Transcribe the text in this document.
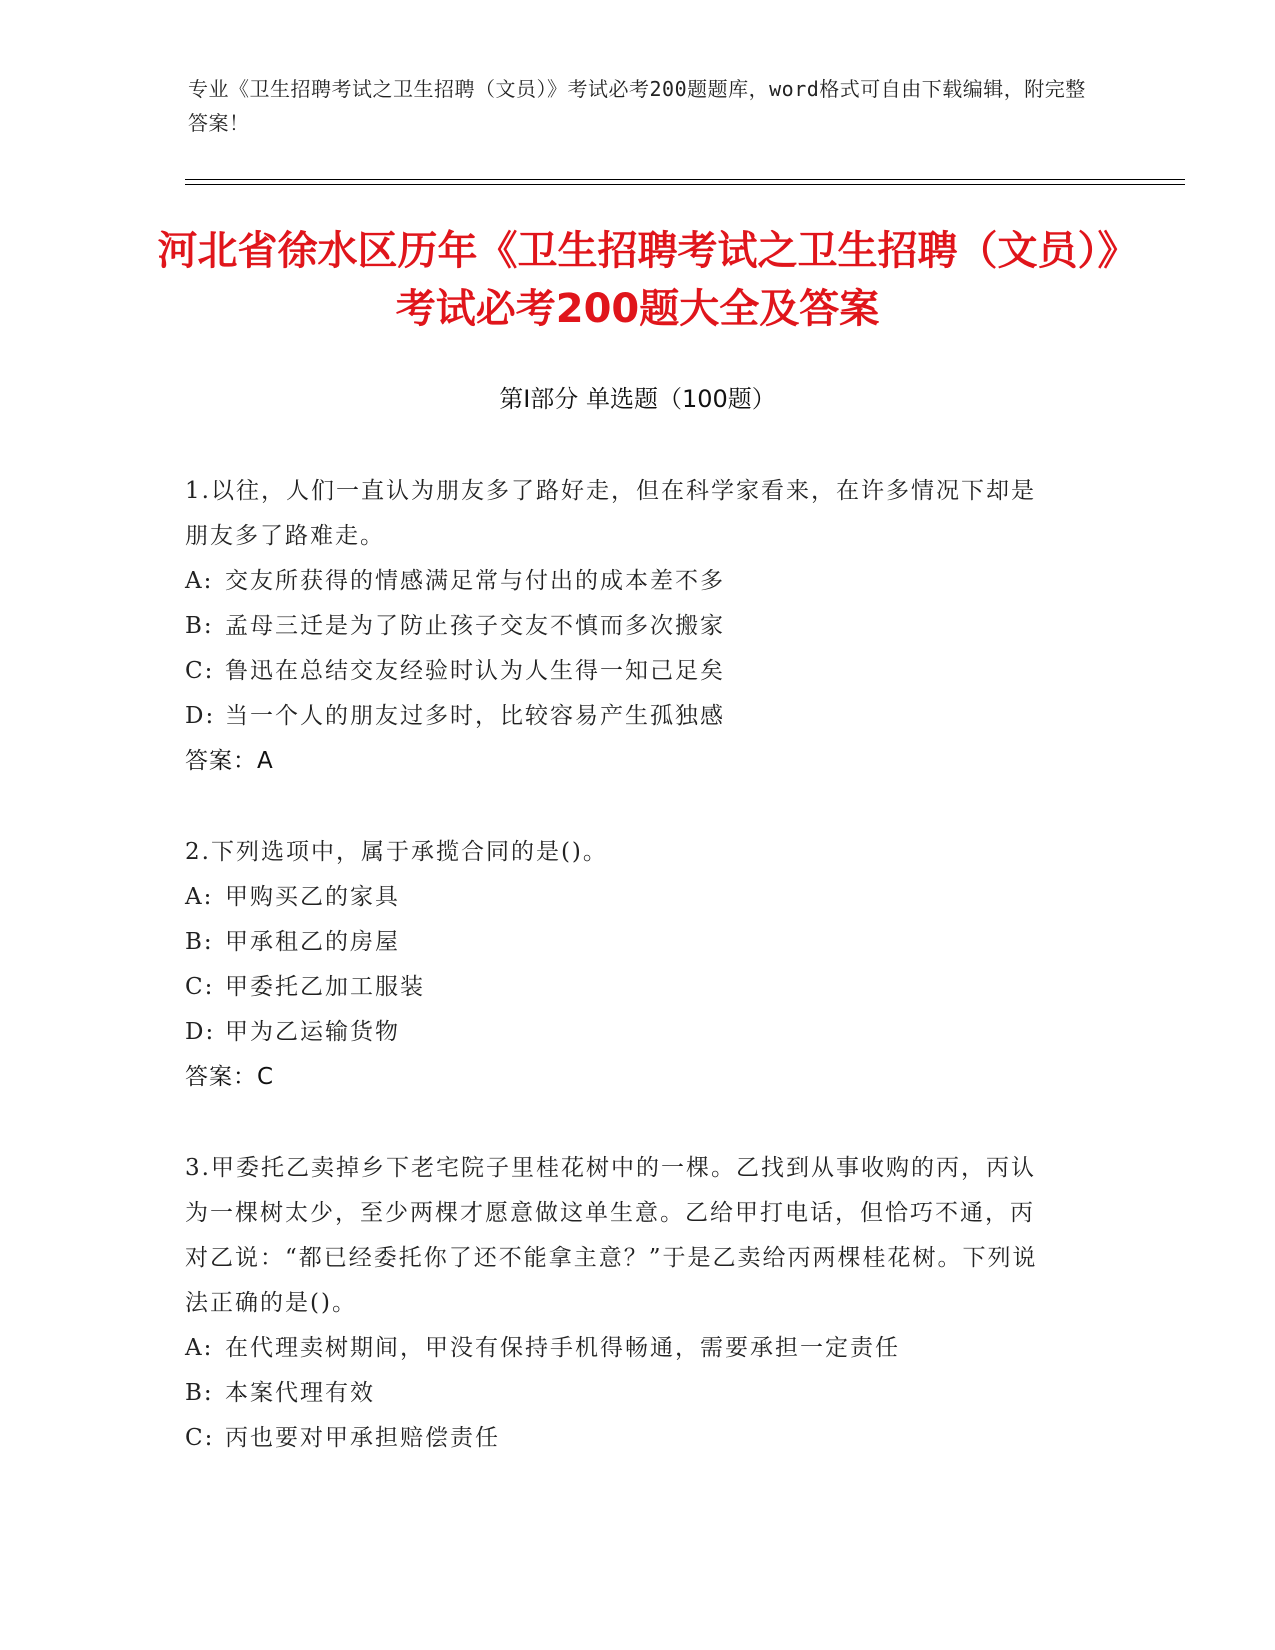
专业《卫生招聘考试之卫生招聘（文员）》考试必考200题题库，word格式可自由下载编辑，附完整答案！
河北省徐水区历年《卫生招聘考试之卫生招聘（文员）》考试必考200题大全及答案
第Ⅰ部分 单选题（100题）

1.以往，人们一直认为朋友多了路好走，但在科学家看来，在许多情况下却是朋友多了路难走。

A: 交友所获得的情感满足常与付出的成本差不多

B: 孟母三迁是为了防止孩子交友不慎而多次搬家

C: 鲁迅在总结交友经验时认为人生得一知己足矣

D: 当一个人的朋友过多时，比较容易产生孤独感

答案：A

2.下列选项中，属于承揽合同的是()。

A: 甲购买乙的家具

B: 甲承租乙的房屋

C: 甲委托乙加工服装

D: 甲为乙运输货物

答案：C

3.甲委托乙卖掉乡下老宅院子里桂花树中的一棵。乙找到从事收购的丙，丙认为一棵树太少，至少两棵才愿意做这单生意。乙给甲打电话，但恰巧不通，丙对乙说：“都已经委托你了还不能拿主意？”于是乙卖给丙两棵桂花树。下列说法正确的是()。

A: 在代理卖树期间，甲没有保持手机得畅通，需要承担一定责任

B: 本案代理有效

C: 丙也要对甲承担赔偿责任
